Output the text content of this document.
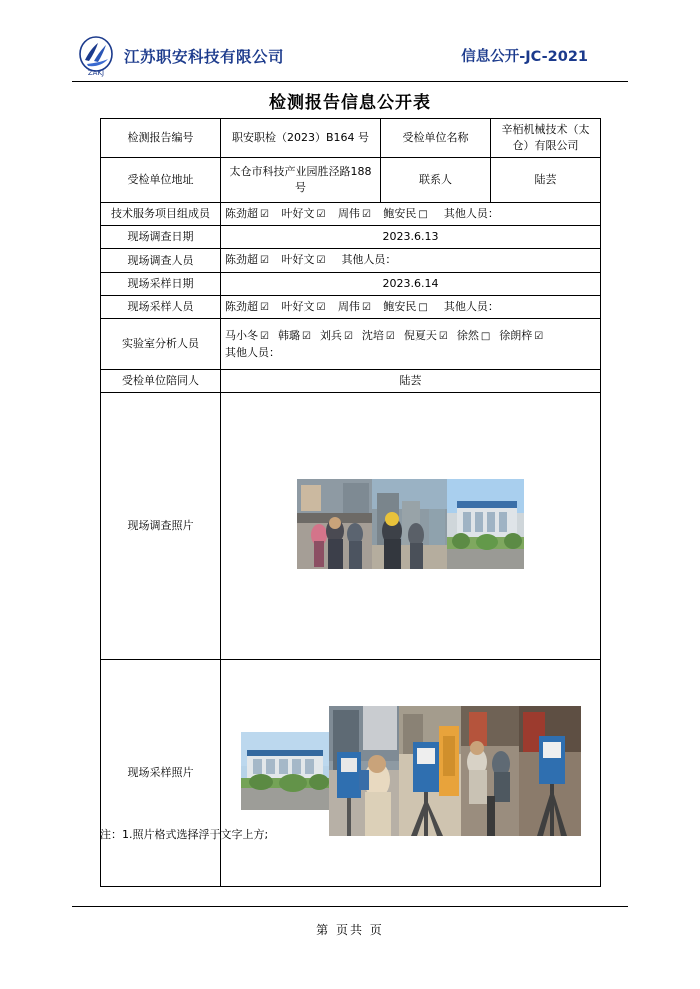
ZAKJ
江苏职安科技有限公司	信息公开-JC-2021
检测报告信息公开表
检测报告编号	职安职检（2023）B164 号	受检单位名称	辛栢机械技术（太仓）有限公司
受检单位地址	太仓市科技产业园胜泾路188 号	联系人	陆芸
技术服务项目组成员	陈劲超 ☑ 叶好文 ☑ 周伟 ☑ 鲍安民 □ 其他人员：		
现场调查日期	2023.6.13		
现场调查人员	陈劲超 ☑ 叶好文 ☑ 其他人员：		
现场采样日期	2023.6.14		
现场采样人员	陈劲超 ☑ 叶好文 ☑ 周伟 ☑ 鲍安民 □ 其他人员：		
实验室分析人员	马小冬 ☑ 韩璐 ☑ 刘兵 ☑ 沈培 ☑ 倪夏天 ☑ 徐然 □ 徐朗梓 ☑
其他人员：		

受检单位陪同人	陆芸		
现场调查照片	

现场采样照片	
注：1.照片格式选择浮于文字上方;
第 页共 页
